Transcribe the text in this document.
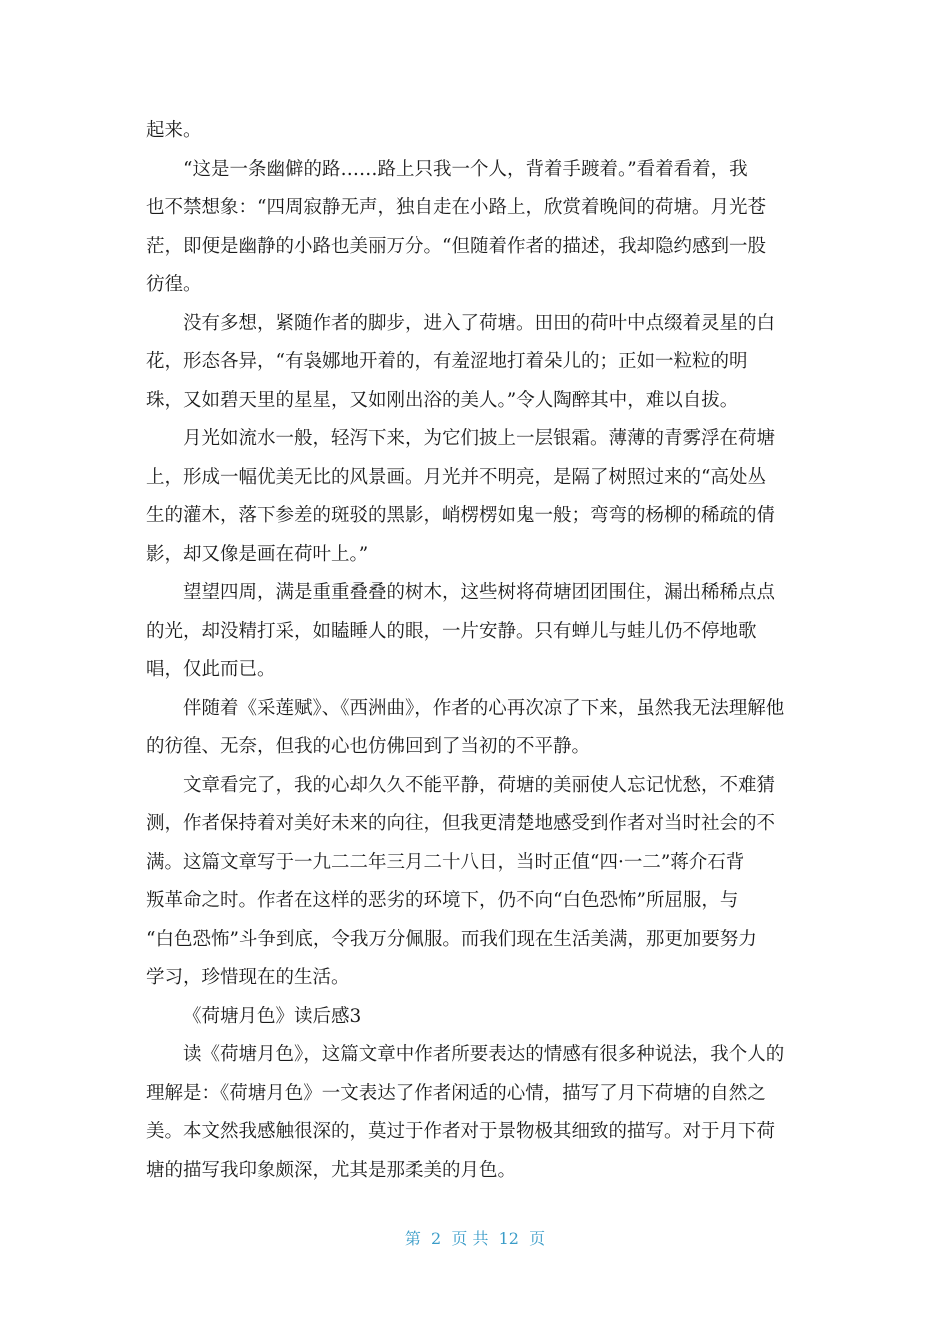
起来。
“这是一条幽僻的路……路上只我一个人，背着手踱着。”看着看着，我
也不禁想象：“四周寂静无声，独自走在小路上，欣赏着晚间的荷塘。月光苍
茫，即便是幽静的小路也美丽万分。“但随着作者的描述，我却隐约感到一股
彷徨。
没有多想，紧随作者的脚步，进入了荷塘。田田的荷叶中点缀着灵星的白
花，形态各异，“有袅娜地开着的，有羞涩地打着朵儿的；正如一粒粒的明
珠，又如碧天里的星星，又如刚出浴的美人。”令人陶醉其中，难以自拔。
月光如流水一般，轻泻下来，为它们披上一层银霜。薄薄的青雾浮在荷塘
上，形成一幅优美无比的风景画。月光并不明亮，是隔了树照过来的“高处丛
生的灌木，落下参差的斑驳的黑影，峭楞楞如鬼一般；弯弯的杨柳的稀疏的倩
影，却又像是画在荷叶上。”
望望四周，满是重重叠叠的树木，这些树将荷塘团团围住，漏出稀稀点点
的光，却没精打采，如瞌睡人的眼，一片安静。只有蝉儿与蛙儿仍不停地歌
唱，仅此而已。
伴随着《采莲赋》、《西洲曲》，作者的心再次凉了下来，虽然我无法理解他
的彷徨、无奈，但我的心也仿佛回到了当初的不平静。
文章看完了，我的心却久久不能平静，荷塘的美丽使人忘记忧愁，不难猜
测，作者保持着对美好未来的向往，但我更清楚地感受到作者对当时社会的不
满。这篇文章写于一九二二年三月二十八日，当时正值“四·一二”蒋介石背
叛革命之时。作者在这样的恶劣的环境下，仍不向“白色恐怖”所屈服，与
“白色恐怖”斗争到底，令我万分佩服。而我们现在生活美满，那更加要努力
学习，珍惜现在的生活。
《荷塘月色》读后感3
读《荷塘月色》，这篇文章中作者所要表达的情感有很多种说法，我个人的
理解是：《荷塘月色》一文表达了作者闲适的心情，描写了月下荷塘的自然之
美。本文然我感触很深的，莫过于作者对于景物极其细致的描写。对于月下荷
塘的描写我印象颇深，尤其是那柔美的月色。
第  2  页 共  12  页
